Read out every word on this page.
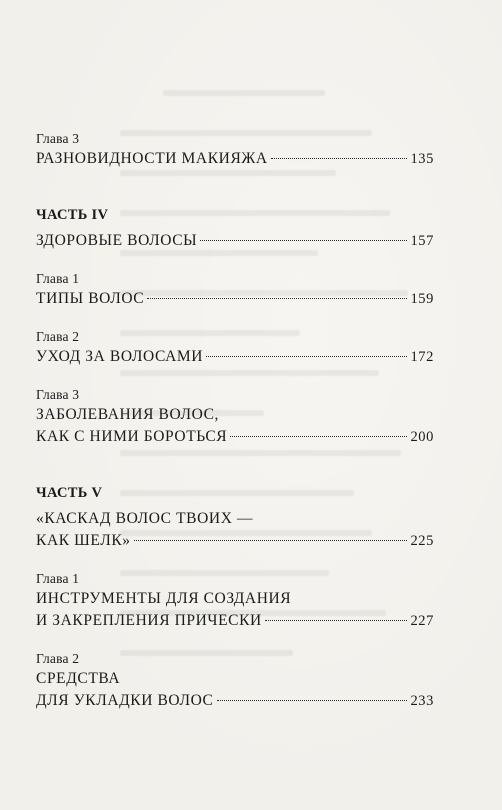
Глава 3
РАЗНОВИДНОСТИ МАКИЯЖА	135
ЧАСТЬ IV
ЗДОРОВЫЕ ВОЛОСЫ	157
Глава 1
ТИПЫ ВОЛОС	159
Глава 2
УХОД ЗА ВОЛОСАМИ	172
Глава 3
ЗАБОЛЕВАНИЯ ВОЛОС,
КАК С НИМИ БОРОТЬСЯ	200
ЧАСТЬ V
«КАСКАД ВОЛОС ТВОИХ —
КАК ШЕЛК»	225
Глава 1
ИНСТРУМЕНТЫ ДЛЯ СОЗДАНИЯ
И ЗАКРЕПЛЕНИЯ ПРИЧЕСКИ	227
Глава 2
СРЕДСТВА
ДЛЯ УКЛАДКИ ВОЛОС	233
